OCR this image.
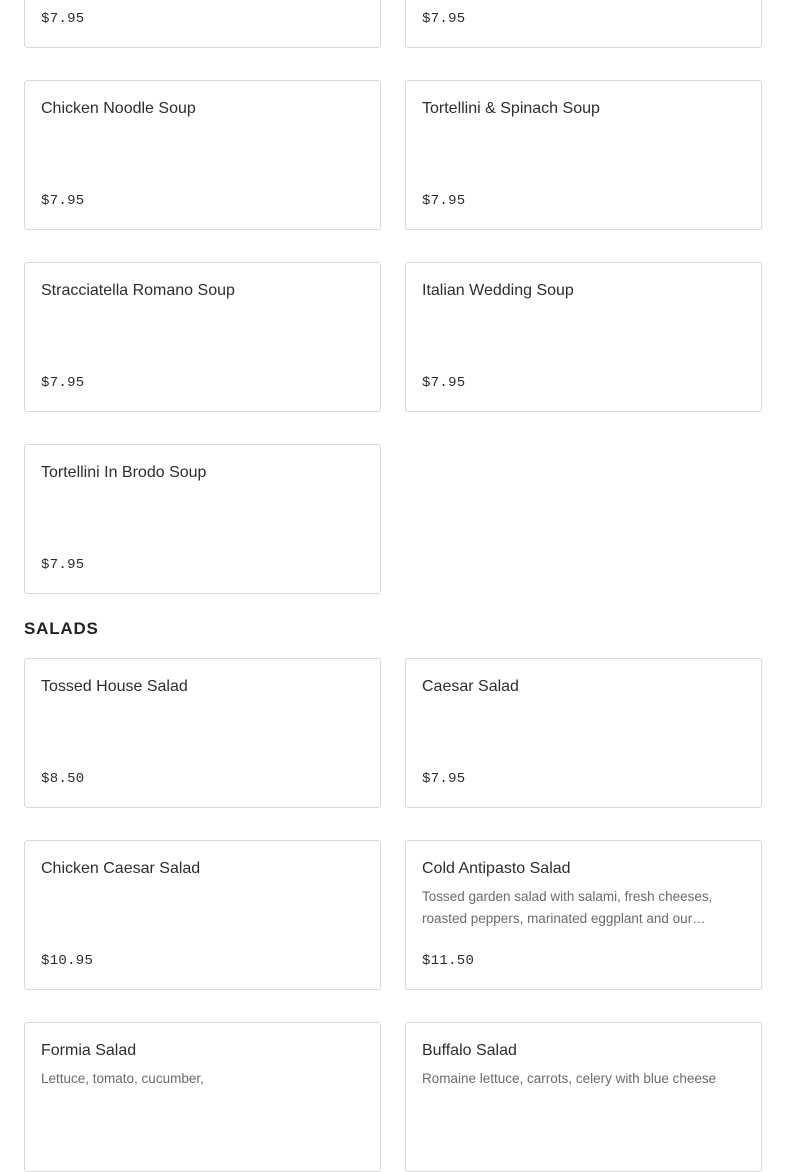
$7.95	$7.95
Chicken Noodle Soup
$7.95
Tortellini & Spinach Soup
$7.95
Stracciatella Romano Soup
$7.95
Italian Wedding Soup
$7.95
Tortellini In Brodo Soup
$7.95
SALADS
Tossed House Salad
$8.50
Caesar Salad
$7.95
Chicken Caesar Salad
$10.95
Cold Antipasto Salad
Tossed garden salad with salami, fresh cheeses, roasted peppers, marinated eggplant and our…
$11.50
Formia Salad
Lettuce, tomato, cucumber,
Buffalo Salad
Romaine lettuce, carrots, celery with blue cheese
